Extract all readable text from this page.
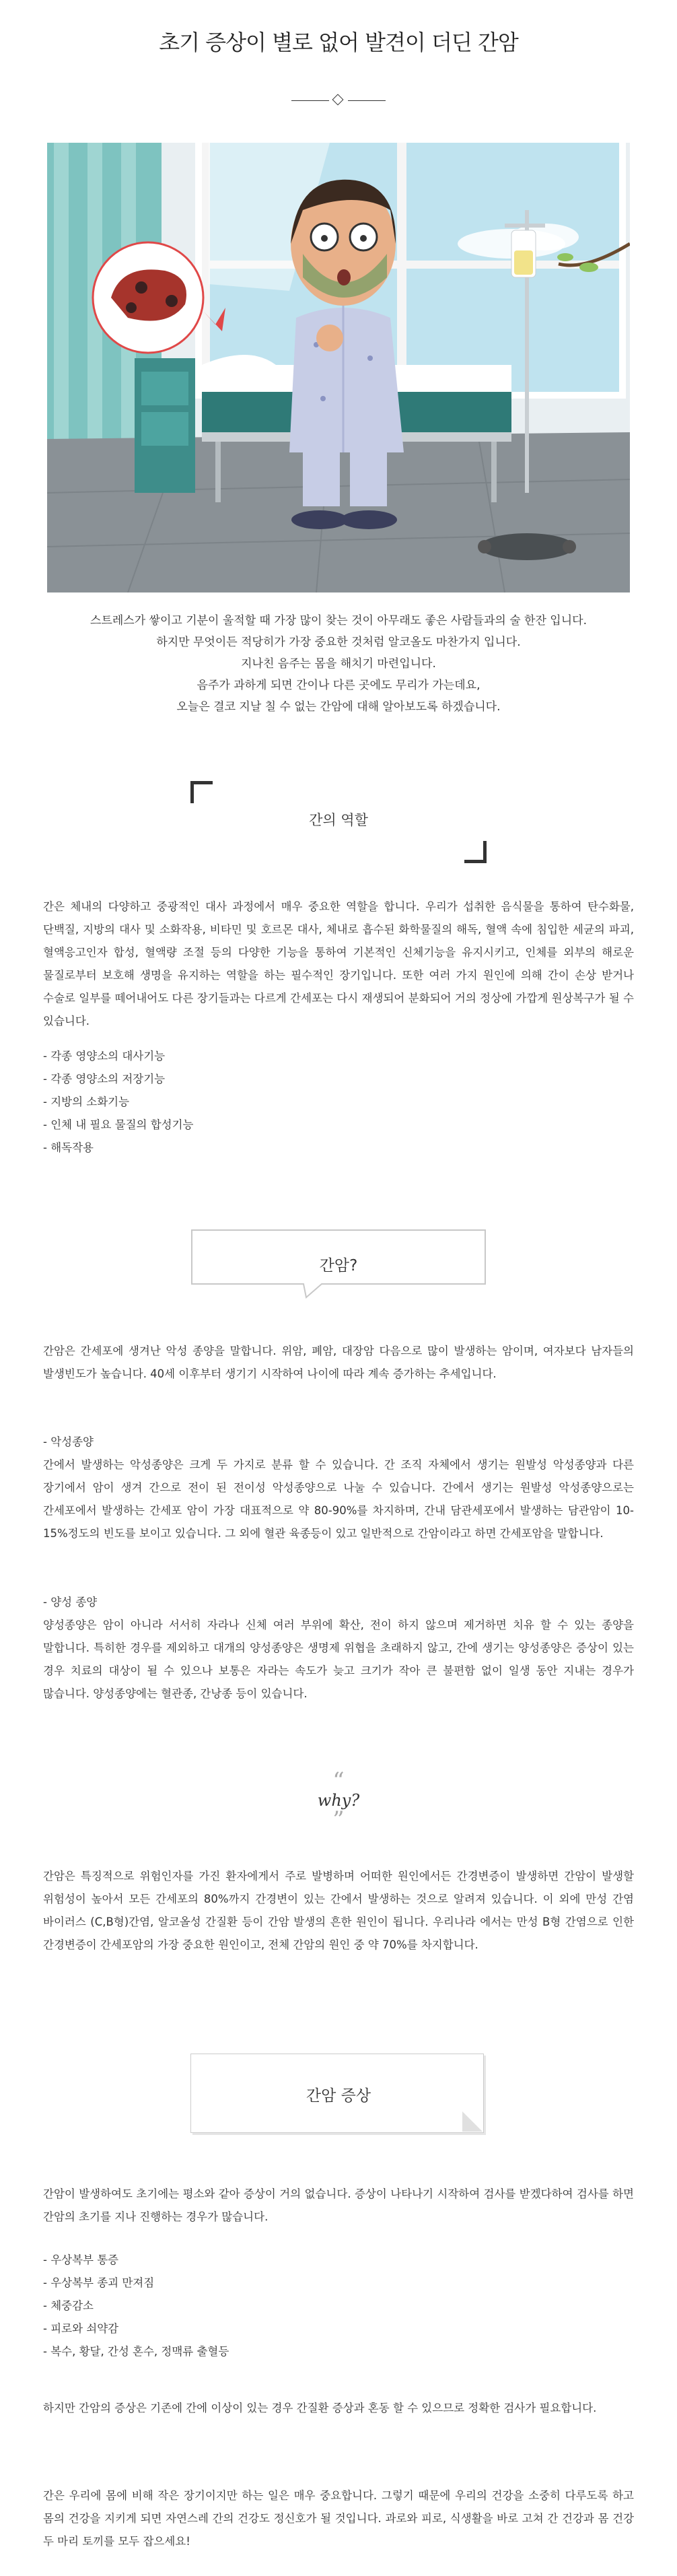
초기 증상이 별로 없어 발견이 더딘 간암
스트레스가 쌓이고 기분이 울적할 때 가장 많이 찾는 것이 아무래도 좋은 사람들과의 술 한잔 입니다.
하지만 무엇이든 적당히가 가장 중요한 것처럼 알코올도 마찬가지 입니다.
지나친 음주는 몸을 해치기 마련입니다.
음주가 과하게 되면 간이나 다른 곳에도 무리가 가는데요,
오늘은 결코 지날 칠 수 없는 간암에 대해 알아보도록 하겠습니다.
간의 역할
간은 체내의 다양하고 중광적인 대사 과정에서 매우 중요한 역할을 합니다. 우리가 섭취한 음식물을 통하여 탄수화물, 단백질, 지방의 대사 및 소화작용, 비타민 및 호르몬 대사, 체내로 흡수된 화학물질의 해독, 혈액 속에 침입한 세균의 파괴, 혈액응고인자 합성, 혈액량 조절 등의 다양한 기능을 통하여 기본적인 신체기능을 유지시키고, 인체를 외부의 해로운 물질로부터 보호해 생명을 유지하는 역할을 하는 필수적인 장기입니다. 또한 여러 가지 원인에 의해 간이 손상 받거나 수술로 일부를 떼어내어도 다른 장기들과는 다르게 간세포는 다시 재생되어 분화되어 거의 정상에 가깝게 원상복구가 될 수 있습니다.
- 각종 영양소의 대사기능
- 각종 영양소의 저장기능
- 지방의 소화기능
- 인체 내 필요 물질의 합성기능
- 해독작용
간암?
간암은 간세포에 생겨난 악성 종양을 말합니다. 위암, 폐암, 대장암 다음으로 많이 발생하는 암이며, 여자보다 남자들의 발생빈도가 높습니다. 40세 이후부터 생기기 시작하여 나이에 따라 계속 증가하는 추세입니다.
- 악성종양
간에서 발생하는 악성종양은 크게 두 가지로 분류 할 수 있습니다. 간 조직 자체에서 생기는 원발성 악성종양과 다른 장기에서 암이 생겨 간으로 전이 된 전이성 악성종양으로 나눌 수 있습니다. 간에서 생기는 원발성 악성종양으로는 간세포에서 발생하는 간세포 암이 가장 대표적으로 약 80-90%를 차지하며, 간내 담관세포에서 발생하는 담관암이 10-15%정도의 빈도를 보이고 있습니다. 그 외에 혈관 육종등이 있고 일반적으로 간암이라고 하면 간세포암을 말합니다.
- 양성 종양
양성종양은 암이 아니라 서서히 자라나 신체 여러 부위에 확산, 전이 하지 않으며 제거하면 치유 할 수 있는 종양을 말합니다. 특히한 경우를 제외하고 대개의 양성종양은 생명제 위협을 초래하지 않고, 간에 생기는 양성종양은 증상이 있는 경우 치료의 대상이 될 수 있으나 보통은 자라는 속도가 늦고 크기가 작아 큰 불편함 없이 일생 동안 지내는 경우가 많습니다. 양성종양에는 혈관종, 간낭종 등이 있습니다.
“
why?
”
간암은 특징적으로 위험인자를 가진 환자에게서 주로 발병하며 어떠한 원인에서든 간경변증이 발생하면 간암이 발생할 위험성이 높아서 모든 간세포의 80%까지 간경변이 있는 간에서 발생하는 것으로 알려져 있습니다. 이 외에 만성 간염 바이러스 (C,B형)간염, 알코올성 간질환 등이 간암 발생의 흔한 원인이 됩니다. 우리나라 에서는 만성 B형 간염으로 인한 간경변증이 간세포암의 가장 중요한 원인이고, 전체 간암의 원인 중 약 70%를 차지합니다.
간암 증상
간암이 발생하여도 초기에는 평소와 같아 증상이 거의 없습니다. 증상이 나타나기 시작하여 검사를 받겠다하여 검사를 하면 간암의 초기를 지나 진행하는 경우가 많습니다.
- 우상복부 통증
- 우상복부 종괴 만져짐
- 체중감소
- 피로와 쇠약감
- 복수, 황달, 간성 혼수, 정맥류 출혈등
하지만 간암의 증상은 기존에 간에 이상이 있는 경우 간질환 증상과 혼동 할 수 있으므로 정확한 검사가 필요합니다.
간은 우리에 몸에 비해 작은 장기이지만 하는 일은 매우 중요합니다. 그렇기 때문에 우리의 건강을 소중히 다루도록 하고 몸의 건강을 지키게 되면 자연스레 간의 건강도 정신호가 될 것입니다. 과로와 피로, 식생활을 바로 고쳐 간 건강과 몸 건강 두 마리 토끼를 모두 잡으세요!
